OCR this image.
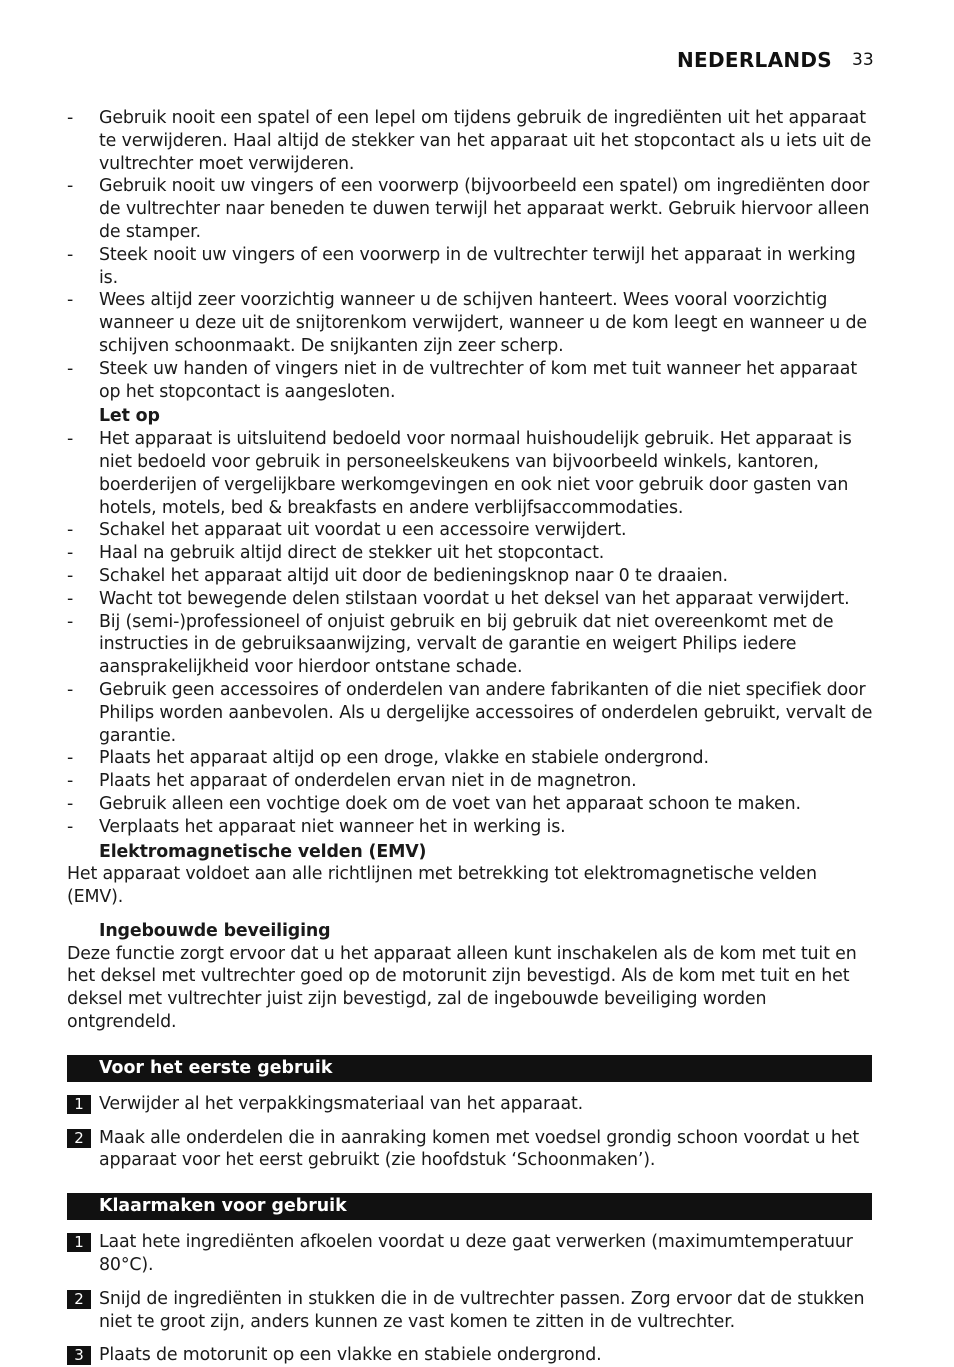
NEDERLANDS 33
- Gebruik nooit een spatel of een lepel om tijdens gebruik de ingrediënten uit het apparaat te verwijderen. Haal altijd de stekker van het apparaat uit het stopcontact als u iets uit de vultrechter moet verwijderen.
- Gebruik nooit uw vingers of een voorwerp (bijvoorbeeld een spatel) om ingrediënten door de vultrechter naar beneden te duwen terwijl het apparaat werkt. Gebruik hiervoor alleen de stamper.
- Steek nooit uw vingers of een voorwerp in de vultrechter terwijl het apparaat in werking is.
- Wees altijd zeer voorzichtig wanneer u de schijven hanteert. Wees vooral voorzichtig wanneer u deze uit de snijtorenkom verwijdert, wanneer u de kom leegt en wanneer u de schijven schoonmaakt. De snijkanten zijn zeer scherp.
- Steek uw handen of vingers niet in de vultrechter of kom met tuit wanneer het apparaat op het stopcontact is aangesloten.
Let op
- Het apparaat is uitsluitend bedoeld voor normaal huishoudelijk gebruik. Het apparaat is niet bedoeld voor gebruik in personeelskeukens van bijvoorbeeld winkels, kantoren, boerderijen of vergelijkbare werkomgevingen en ook niet voor gebruik door gasten van hotels, motels, bed & breakfasts en andere verblijfsaccommodaties.
- Schakel het apparaat uit voordat u een accessoire verwijdert.
- Haal na gebruik altijd direct de stekker uit het stopcontact.
- Schakel het apparaat altijd uit door de bedieningsknop naar 0 te draaien.
- Wacht tot bewegende delen stilstaan voordat u het deksel van het apparaat verwijdert.
- Bij (semi-)professioneel of onjuist gebruik en bij gebruik dat niet overeenkomt met de instructies in de gebruiksaanwijzing, vervalt de garantie en weigert Philips iedere aansprakelijkheid voor hierdoor ontstane schade.
- Gebruik geen accessoires of onderdelen van andere fabrikanten of die niet specifiek door Philips worden aanbevolen. Als u dergelijke accessoires of onderdelen gebruikt, vervalt de garantie.
- Plaats het apparaat altijd op een droge, vlakke en stabiele ondergrond.
- Plaats het apparaat of onderdelen ervan niet in de magnetron.
- Gebruik alleen een vochtige doek om de voet van het apparaat schoon te maken.
- Verplaats het apparaat niet wanneer het in werking is.
Elektromagnetische velden (EMV)
Het apparaat voldoet aan alle richtlijnen met betrekking tot elektromagnetische velden (EMV).
Ingebouwde beveiliging
Deze functie zorgt ervoor dat u het apparaat alleen kunt inschakelen als de kom met tuit en het deksel met vultrechter goed op de motorunit zijn bevestigd. Als de kom met tuit en het deksel met vultrechter juist zijn bevestigd, zal de ingebouwde beveiliging worden ontgrendeld.
Voor het eerste gebruik
1 Verwijder al het verpakkingsmateriaal van het apparaat.
2 Maak alle onderdelen die in aanraking komen met voedsel grondig schoon voordat u het apparaat voor het eerst gebruikt (zie hoofdstuk ‘Schoonmaken’).
Klaarmaken voor gebruik
1 Laat hete ingrediënten afkoelen voordat u deze gaat verwerken (maximumtemperatuur 80°C).
2 Snijd de ingrediënten in stukken die in de vultrechter passen. Zorg ervoor dat de stukken niet te groot zijn, anders kunnen ze vast komen te zitten in de vultrechter.
3 Plaats de motorunit op een vlakke en stabiele ondergrond.
